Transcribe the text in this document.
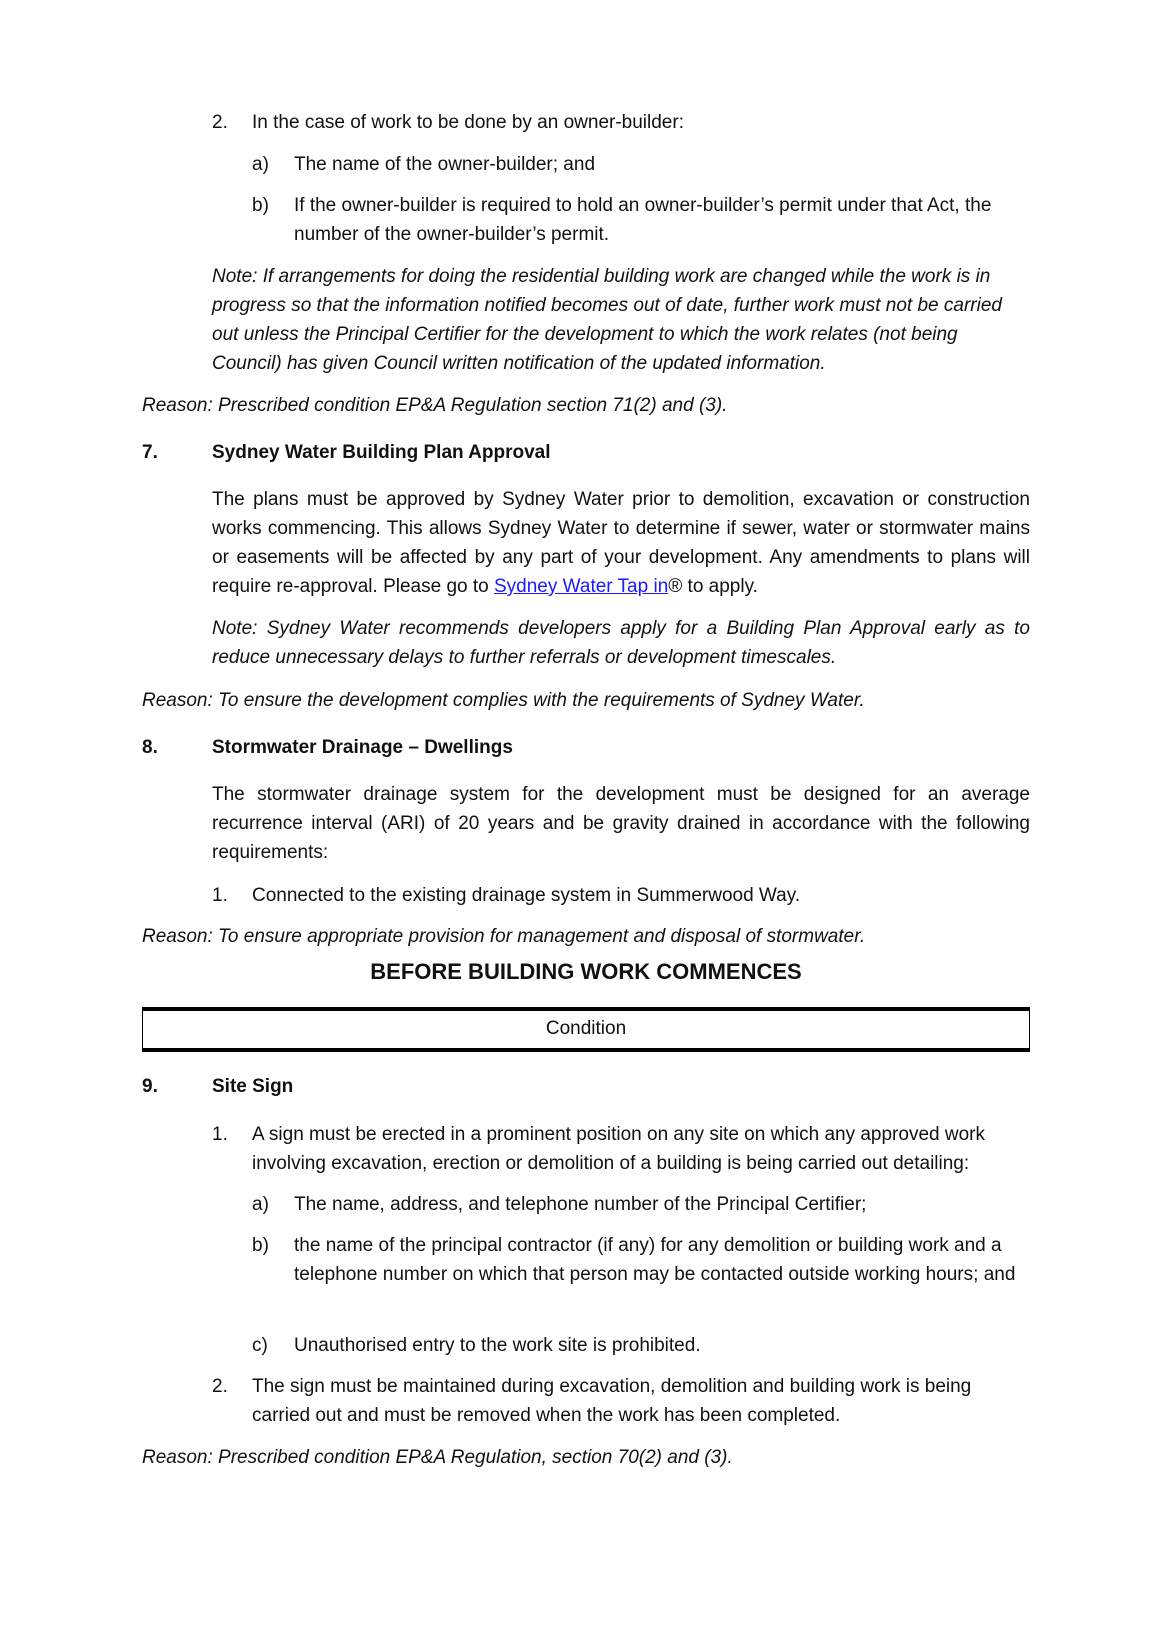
2. In the case of work to be done by an owner-builder:

a) The name of the owner-builder; and

b) If the owner-builder is required to hold an owner-builder’s permit under that Act, the number of the owner-builder’s permit.

Note: If arrangements for doing the residential building work are changed while the work is in progress so that the information notified becomes out of date, further work must not be carried out unless the Principal Certifier for the development to which the work relates (not being Council) has given Council written notification of the updated information.

Reason: Prescribed condition EP&A Regulation section 71(2) and (3).

7.	Sydney Water Building Plan Approval

The plans must be approved by Sydney Water prior to demolition, excavation or construction works commencing. This allows Sydney Water to determine if sewer, water or stormwater mains or easements will be affected by any part of your development. Any amendments to plans will require re-approval. Please go to Sydney Water Tap in® to apply.

Note: Sydney Water recommends developers apply for a Building Plan Approval early as to reduce unnecessary delays to further referrals or development timescales.

Reason: To ensure the development complies with the requirements of Sydney Water.

8.	Stormwater Drainage – Dwellings

The stormwater drainage system for the development must be designed for an average recurrence interval (ARI) of 20 years and be gravity drained in accordance with the following requirements:

1. Connected to the existing drainage system in Summerwood Way.

Reason: To ensure appropriate provision for management and disposal of stormwater.

BEFORE BUILDING WORK COMMENCES
Condition
9.	Site Sign
1. A sign must be erected in a prominent position on any site on which any approved work involving excavation, erection or demolition of a building is being carried out detailing:

a) The name, address, and telephone number of the Principal Certifier;

b) the name of the principal contractor (if any) for any demolition or building work and a telephone number on which that person may be contacted outside working hours; and

c) Unauthorised entry to the work site is prohibited.

2. The sign must be maintained during excavation, demolition and building work is being carried out and must be removed when the work has been completed.

Reason: Prescribed condition EP&A Regulation, section 70(2) and (3).
